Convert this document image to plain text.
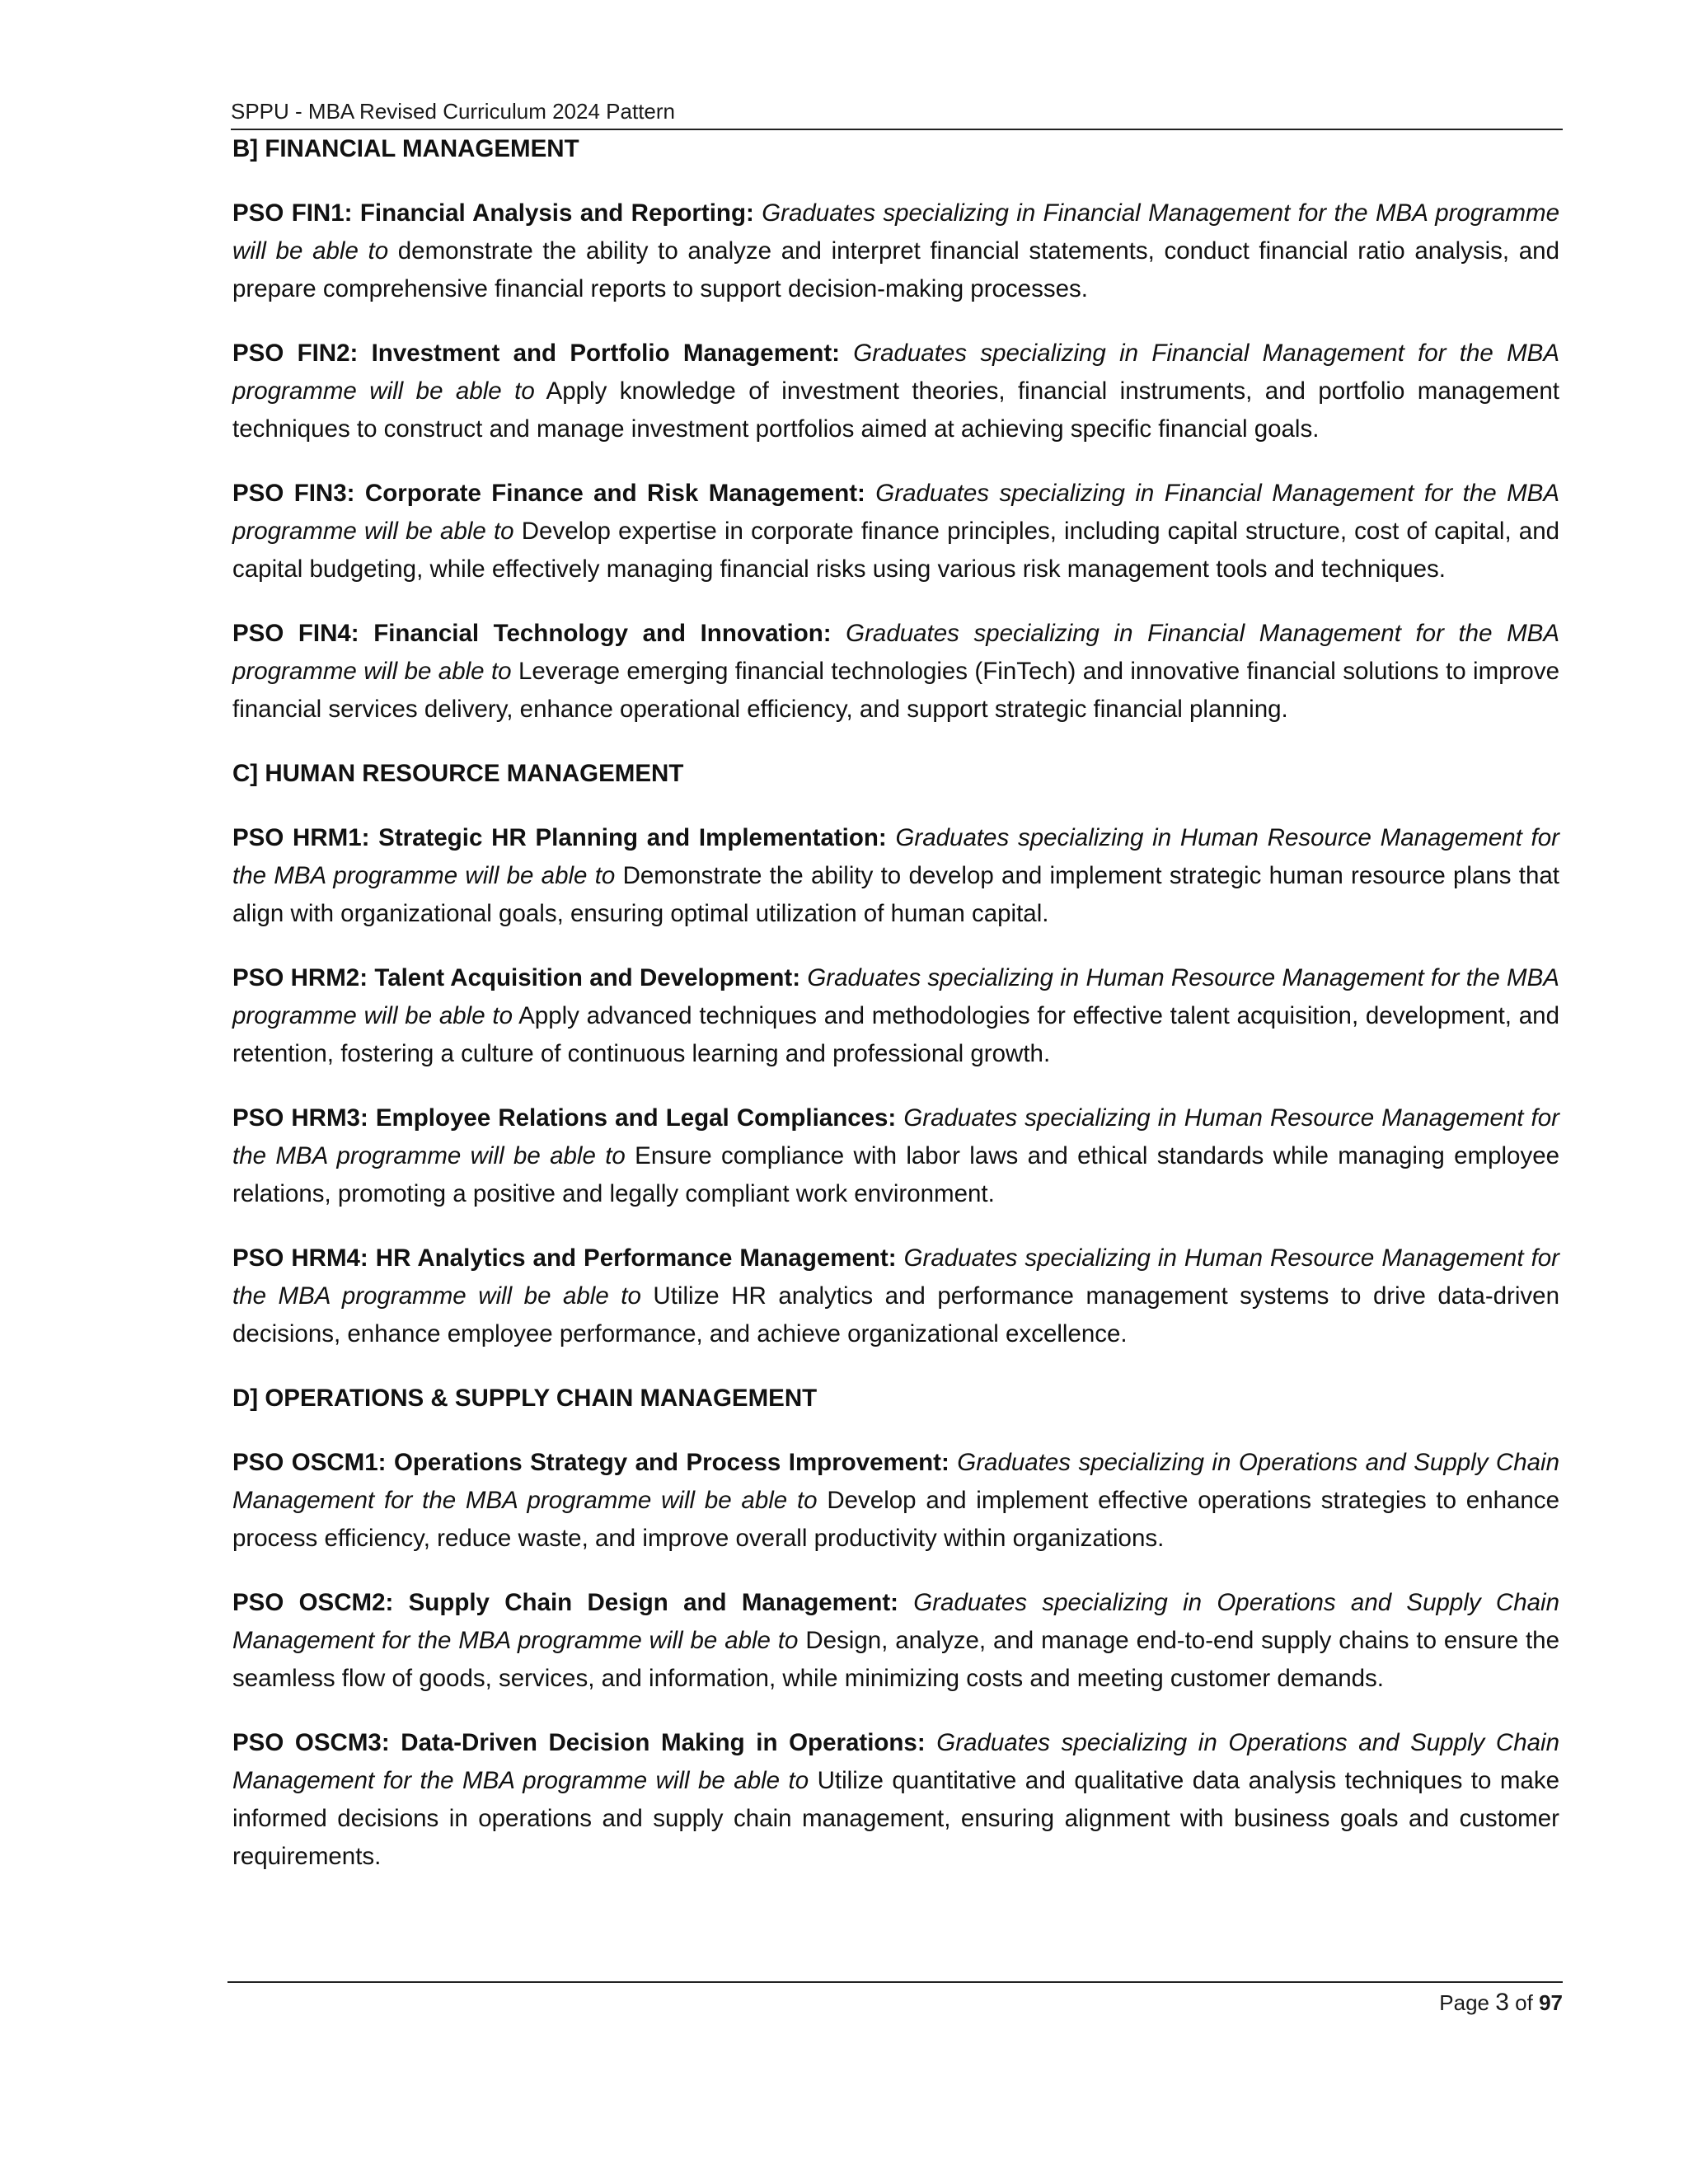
SPPU - MBA Revised Curriculum 2024 Pattern
B] FINANCIAL MANAGEMENT

PSO FIN1: Financial Analysis and Reporting: Graduates specializing in Financial Management for the MBA programme will be able to demonstrate the ability to analyze and interpret financial statements, conduct financial ratio analysis, and prepare comprehensive financial reports to support decision-making processes.

PSO FIN2: Investment and Portfolio Management: Graduates specializing in Financial Management for the MBA programme will be able to Apply knowledge of investment theories, financial instruments, and portfolio management techniques to construct and manage investment portfolios aimed at achieving specific financial goals.

PSO FIN3: Corporate Finance and Risk Management: Graduates specializing in Financial Management for the MBA programme will be able to Develop expertise in corporate finance principles, including capital structure, cost of capital, and capital budgeting, while effectively managing financial risks using various risk management tools and techniques.

PSO FIN4: Financial Technology and Innovation: Graduates specializing in Financial Management for the MBA programme will be able to Leverage emerging financial technologies (FinTech) and innovative financial solutions to improve financial services delivery, enhance operational efficiency, and support strategic financial planning.

C] HUMAN RESOURCE MANAGEMENT

PSO HRM1: Strategic HR Planning and Implementation: Graduates specializing in Human Resource Management for the MBA programme will be able to Demonstrate the ability to develop and implement strategic human resource plans that align with organizational goals, ensuring optimal utilization of human capital.

PSO HRM2: Talent Acquisition and Development: Graduates specializing in Human Resource Management for the MBA programme will be able to Apply advanced techniques and methodologies for effective talent acquisition, development, and retention, fostering a culture of continuous learning and professional growth.

PSO HRM3: Employee Relations and Legal Compliances: Graduates specializing in Human Resource Management for the MBA programme will be able to Ensure compliance with labor laws and ethical standards while managing employee relations, promoting a positive and legally compliant work environment.

PSO HRM4: HR Analytics and Performance Management: Graduates specializing in Human Resource Management for the MBA programme will be able to Utilize HR analytics and performance management systems to drive data-driven decisions, enhance employee performance, and achieve organizational excellence.

D] OPERATIONS & SUPPLY CHAIN MANAGEMENT

PSO OSCM1: Operations Strategy and Process Improvement: Graduates specializing in Operations and Supply Chain Management for the MBA programme will be able to Develop and implement effective operations strategies to enhance process efficiency, reduce waste, and improve overall productivity within organizations.

PSO OSCM2: Supply Chain Design and Management: Graduates specializing in Operations and Supply Chain Management for the MBA programme will be able to Design, analyze, and manage end-to-end supply chains to ensure the seamless flow of goods, services, and information, while minimizing costs and meeting customer demands.

PSO OSCM3: Data-Driven Decision Making in Operations: Graduates specializing in Operations and Supply Chain Management for the MBA programme will be able to Utilize quantitative and qualitative data analysis techniques to make informed decisions in operations and supply chain management, ensuring alignment with business goals and customer requirements.

Page 3 of 97
